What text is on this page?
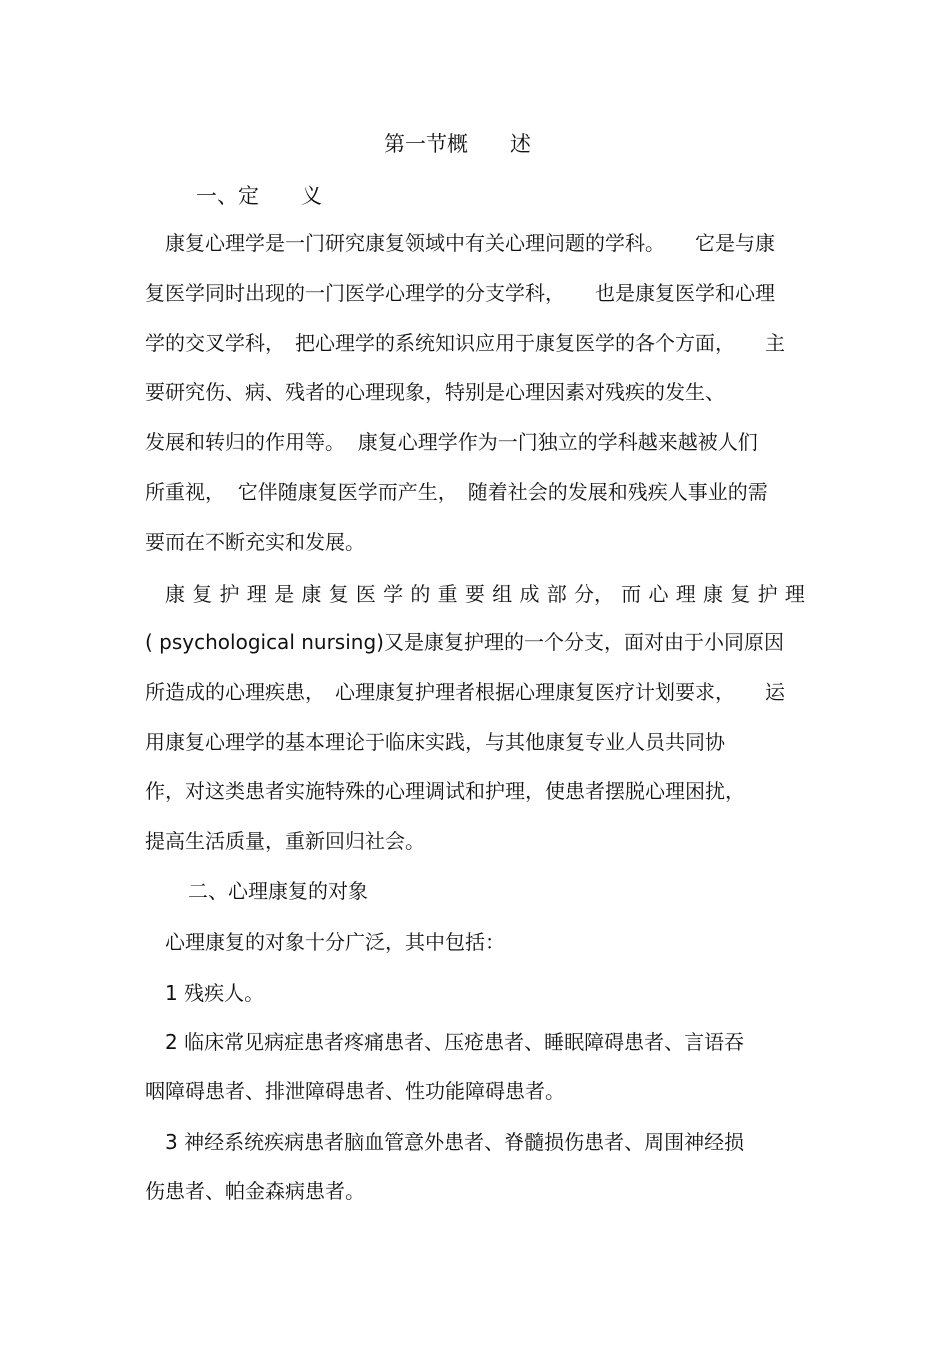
第一节概　　述
一、定　　义
康复心理学是一门研究康复领域中有关心理问题的学科。　　它是与康
复医学同时出现的一门医学心理学的分支学科，　　也是康复医学和心理
学的交叉学科，　把心理学的系统知识应用于康复医学的各个方面，　　主
要研究伤、病、残者的心理现象，特别是心理因素对残疾的发生、
发展和转归的作用等。  康复心理学作为一门独立的学科越来越被人们
所重视，  它伴随康复医学而产生，　随着社会的发展和残疾人事业的需
要而在不断充实和发展。
康 复 护 理 是 康 复 医 学 的 重 要 组 成 部 分， 而 心 理 康 复 护 理
( psychological nursing)又是康复护理的一个分支，面对由于小同原因
所造成的心理疾患，　心理康复护理者根据心理康复医疗计划要求，　　运
用康复心理学的基本理论于临床实践，与其他康复专业人员共同协
作，对这类患者实施特殊的心理调试和护理，使患者摆脱心理困扰，
提高生活质量，重新回归社会。
二、心理康复的对象
心理康复的对象十分广泛，其中包括：
1 残疾人。
2 临床常见病症患者疼痛患者、压疮患者、睡眠障碍患者、言语吞
咽障碍患者、排泄障碍患者、性功能障碍患者。
3 神经系统疾病患者脑血管意外患者、脊髓损伤患者、周围神经损
伤患者、帕金森病患者。
